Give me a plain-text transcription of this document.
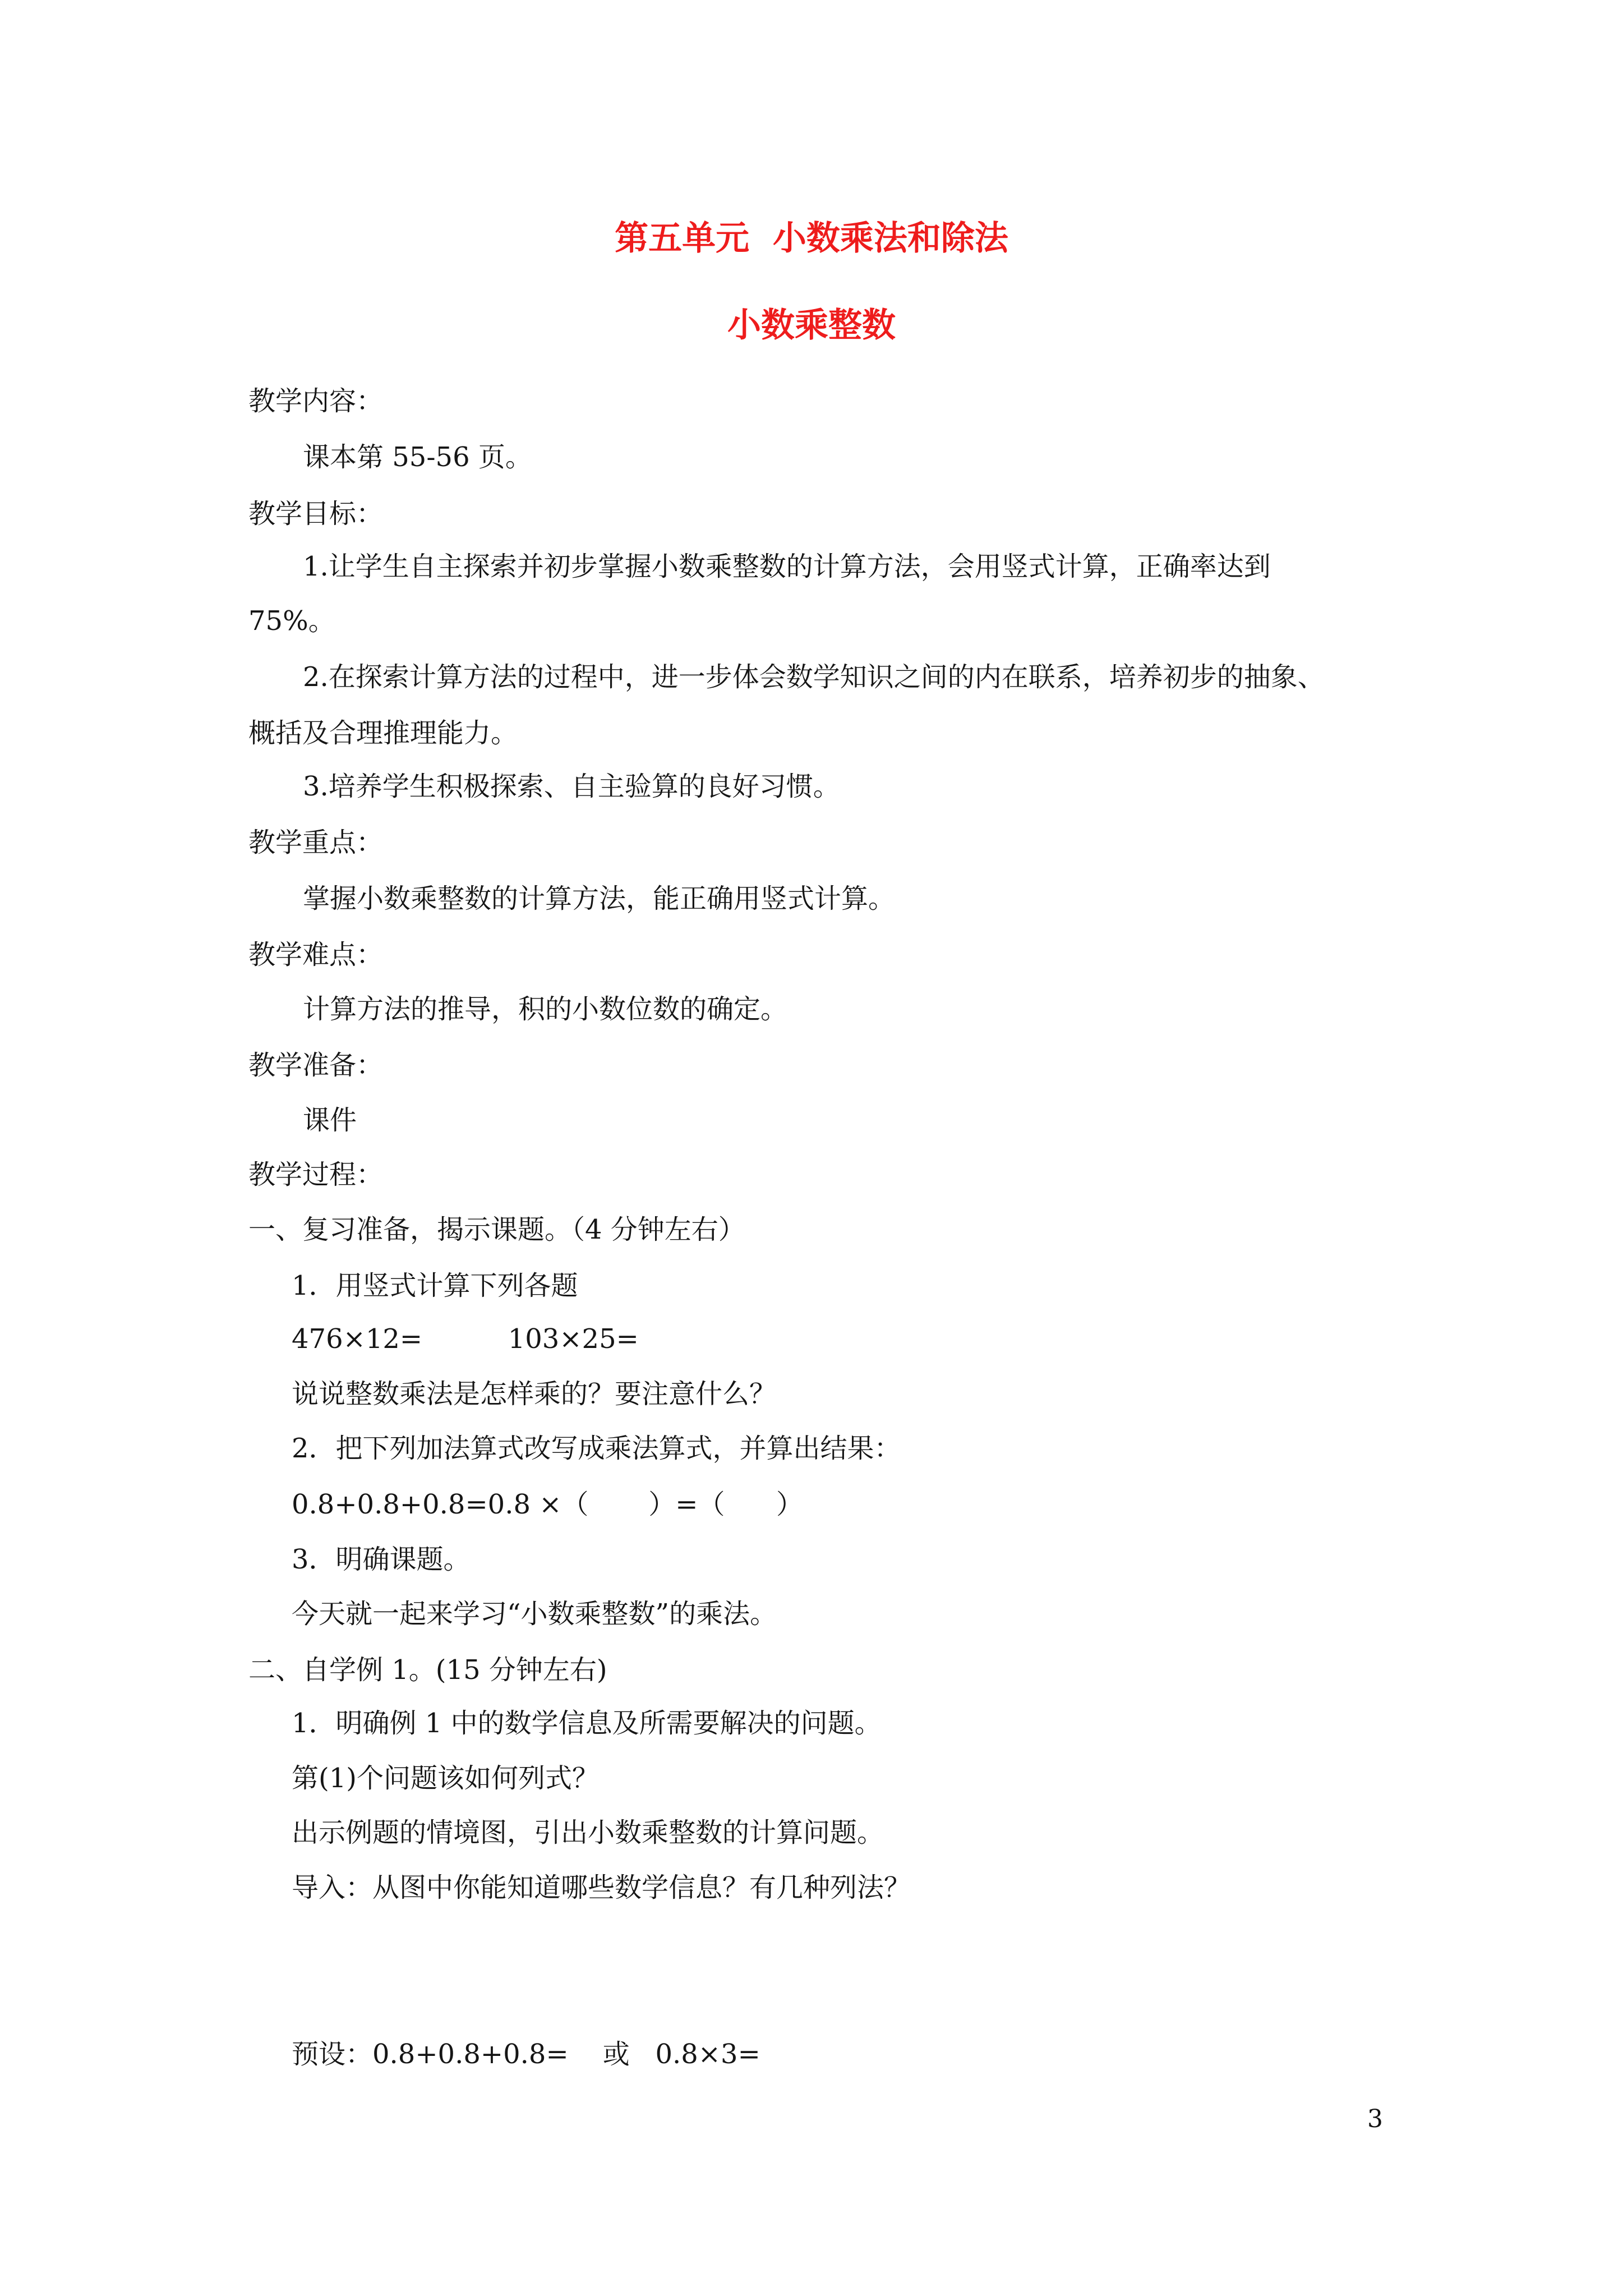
第五单元  小数乘法和除法
小数乘整数
教学内容：
课本第 55-56 页。
教学目标：
1.让学生自主探索并初步掌握小数乘整数的计算方法，会用竖式计算，正确率达到
75%。
2.在探索计算方法的过程中，进一步体会数学知识之间的内在联系，培养初步的抽象、
概括及合理推理能力。
3.培养学生积极探索、自主验算的良好习惯。
教学重点：
掌握小数乘整数的计算方法，能正确用竖式计算。
教学难点：
计算方法的推导，积的小数位数的确定。
教学准备：
课件
教学过程：
一、复习准备，揭示课题。（4 分钟左右）
1．用竖式计算下列各题
476×12=          103×25=
说说整数乘法是怎样乘的？要注意什么？
2．把下列加法算式改写成乘法算式，并算出结果：
0.8+0.8+0.8=0.8 ×（       ）=（      ）
3．明确课题。
今天就一起来学习“小数乘整数”的乘法。
二、自学例 1。(15 分钟左右)
1．明确例 1 中的数学信息及所需要解决的问题。
第(1)个问题该如何列式？
出示例题的情境图，引出小数乘整数的计算问题。
导入：从图中你能知道哪些数学信息？有几种列法？
预设：0.8+0.8+0.8=    或   0.8×3=
3
